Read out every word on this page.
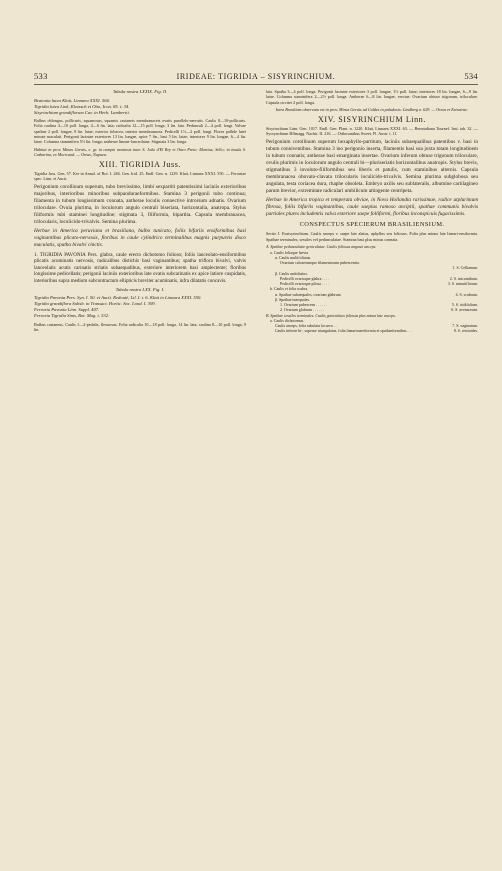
533	IRIDEAE: TIGRIDIA – SISYRINCHIUM.	534

Tabula nostra LXXIX. Fig. II.

Beatonia lutea Klatt, Linnaea XXXI. 566.
Tigridia lutea Link, Klotzsch et Otto, Icon. 85. t. 34.
Sisyrinchium grandiflorum Cav. in Herb. Lambertii.

Bulbus oblongus, pollicaris, squamosus, squamis castaneis membranaceis ovatis parallelo-nervatis. Caulis 8—10-pollicaris. Folia caulina 4—10 poll. longa, 4—6 lin. lata; radicalia 12—15 poll. longa, 3 lin. lata. Pedunculi 2—4 poll. longi. Valvae spathae 2 poll. longae, 8 lin. latae, exterior foliacea, interior membranacea. Pedicelli 1½—2 poll. longi. Flores pallide lutei minute maculati. Perigonii laciniae exteriores 13 lin. longae, apice 7 lin., basi 5 lin. latae; interiores 9 lin. longae, 6—4 lin. latae. Columna staminifera 5½ lin. longa; antherae lineari-lanceolatae. Stigmata 3 lin. longa.

Habitat in prov. Minas Gerais, e. gr. in campis montosis inter S. João d'El Rey et Ouro Preto: Martius; Sello; in insula S. Catharina, ex Moricand. — Oreas, Napaea.

XIII. TIGRIDIA Juss.

Tigridia Juss. Gen. 57. Ker in Annal. of Bot. I. 246. Gen. Irid. 25. Endl. Gen. n. 1229. Klatt, Linnaea XXXI. 550. — Ferrariae spec. Linn. et Auctt.

Perigonium corollinum superum, tubo brevissimo, limbi sexpartiti patentissimi laciniis exterioribus majoribus, interioribus minoribus subpanduraeformibus. Stamina 3 perigonii tubo continua; filamenta in tubum longissimum connata, antherae loculis connective introrsum adnatis. Ovarium triloculare. Ovula plurima, in loculorum angulo centrali biseriata, horizontalia, anatropa. Stylus filiformis tubi staminei longitudine; stigmata 3, filiformia, bipartita. Capsula membranacea, trilocularis, loculicido-trivalvis. Semina plurima.

Herbae in America peruviana et brasiliana, bulbo tunicato, foliis bifariis ensiformibus basi vaginantibus plicato-nervosis, floribus in caule cylindrico terminalibus magnis purpureis disco maculatis, spatha bivalvi cinctis.

1. TIGRIDIA PAVONIA Pers. glabra, caule erecto dichotomo folioso; foliis lanceolato-ensiformibus plicatis acuminatis nervosis, radicalibus distichis basi vaginantibus; spatha triflora bivalvi, valvis lanceolatis acutis carinatis striatis subaequalibus, exteriore interiorem basi amplectente; floribus longissime pedicellatis; perigonii laciniis exterioribus late ovatis subcarinatis ex apice latiore cuspidatis, interioribus supra medium subcontractum ellipticis breviter acuminatis, infra dilatatis concavis.

Tabula nostra LXX. Fig. I.

Tigridia Pavonia Pers. Syn. I. 50. et Auctt. Redouté, Lil. I. t. 6. Klatt in Linnaea XXXI. 550.
Tigridia grandiflora Salisb. in Transact. Hortic. Soc. Lond. I. 309.
Ferraria Pavonia Linn. Suppl. 407.
Ferraria Tigridia Sims, Bot. Mag. t. 532.

Bulbus castaneus. Caulis 1—2-pedalis, flexuosus. Folia radicalia 10—18 poll. longa, 14 lin. lata; caulina 8—10 poll. longa, 9 lin.

lata. Spatha 3—4 poll. longa. Perigonii laciniae exteriores 3 poll. longae, 1½ poll. latae; interiores 18 lin. longae, 6—9 lin. latae. Columna staminifera 2—2½ poll. longa. Antherae 6—8 lin. longae, erectae. Ovarium obtuse trigonum, triloculare. Capsula circiter 2 poll. longa.

Intra Brasiliam observata est in prov. Minas Gerais ad Caldes in paludosis: Lindberg n. 629. — Oreas et Extratrae.

XIV. SISYRINCHIUM Linn.

Sisyrinchium Linn. Gen. 1017. Endl. Gen. Plant. n. 1220. Klatt, Linnaea XXXI. 63. — Bermudiana Tournef. Inst. tab. 32. — Syorynchium Hffmagg. Nachtr. II. 216. — Orthosanthus Sweet, Fl. Austr. t. 11.

Perigonium corollinum superum hexaphyllo-partitum, laciniis subaequalibus patentibus v. basi in tubum conniventibus. Stamina 3 ino perigonio inserta, filamentis basi sua juxta totam longitudinem in tubum connatis; antherae basi emarginata insertae. Ovarium inferum obtuse trigonum triloculare, ovulis plurimis in loculorum angulo centrali bi—pluriseriatis horizontalibus anatropis. Stylus brevis, stigmatibus 3 involuto-filiformibus seu liberis et patulis, cum staminibus alternis. Capsula membranacea obovato-clavata trilocularis loculicido-trivalvis. Semina plurima subglobosa seu angulata, testa coriacea dura, rhaphe obsoleta. Embryo axilis seu sublateralis, albumine cartilagineo parum brevior, extremitate radiculari umbilicum attingente centripeta.

Herbae in America tropica et temperata obviae, in Nova Hollandia rarissimae, radice utplurimum fibrosa, foliis bifariis vaginantibus, caule saepius ramoso anciptii, spathae communis bivalvis partiales plures includentis valva exteriore saepe folliformi, floribus inconspicuis fugacissimis.

CONSPECTUS SPECIERUM BRASILIENSIUM.

Sectio I. Eusisyrinchium. Caulis anceps v. saepe late alatus, aphyllus seu foliosus. Folia plus minus late lineari-ensiformia. Spathae terminales, sessiles vel pedunculatae. Stamina basi plus minus connata.

A. Spathae pedunculatae geniculatae. Caulis foliosus anguste anceps.
a. Caulis foliaque laevia.
α. Caulis multifoliatus.
Ovarium calcareumque filamentorum pubescentia.
1. S. Cellianum.
β. Caulis unifoliatus.
Pedicelli ovarioque glabra . . . .	2. S. micranthum.
Pedicelli ovarioque pilosa . . . .	3. S. minutiflorum.
b. Caulis et folia scabra.
α. Spathae subaequales, ovarium glabrum	4. S. scabrum.
β. Spathae inaequales.
1. Ovarium pubescens . . . . . .	5. S. iridifolium.
2. Ovarium glabrum . . . . . .	6. S. avenaceum.
B. Spathae sessiles terminales. Caulis geniculatus foliosus plus minus late anceps.
a. Caulis dichotomus.
Caulis anceps, folia subulata locarva . .	7. S. vaginatum.
Caulis inferne bi-, superne triangulatus, folia linearicuneiformia et spathaeformibus . . .	8. S. restioides.
